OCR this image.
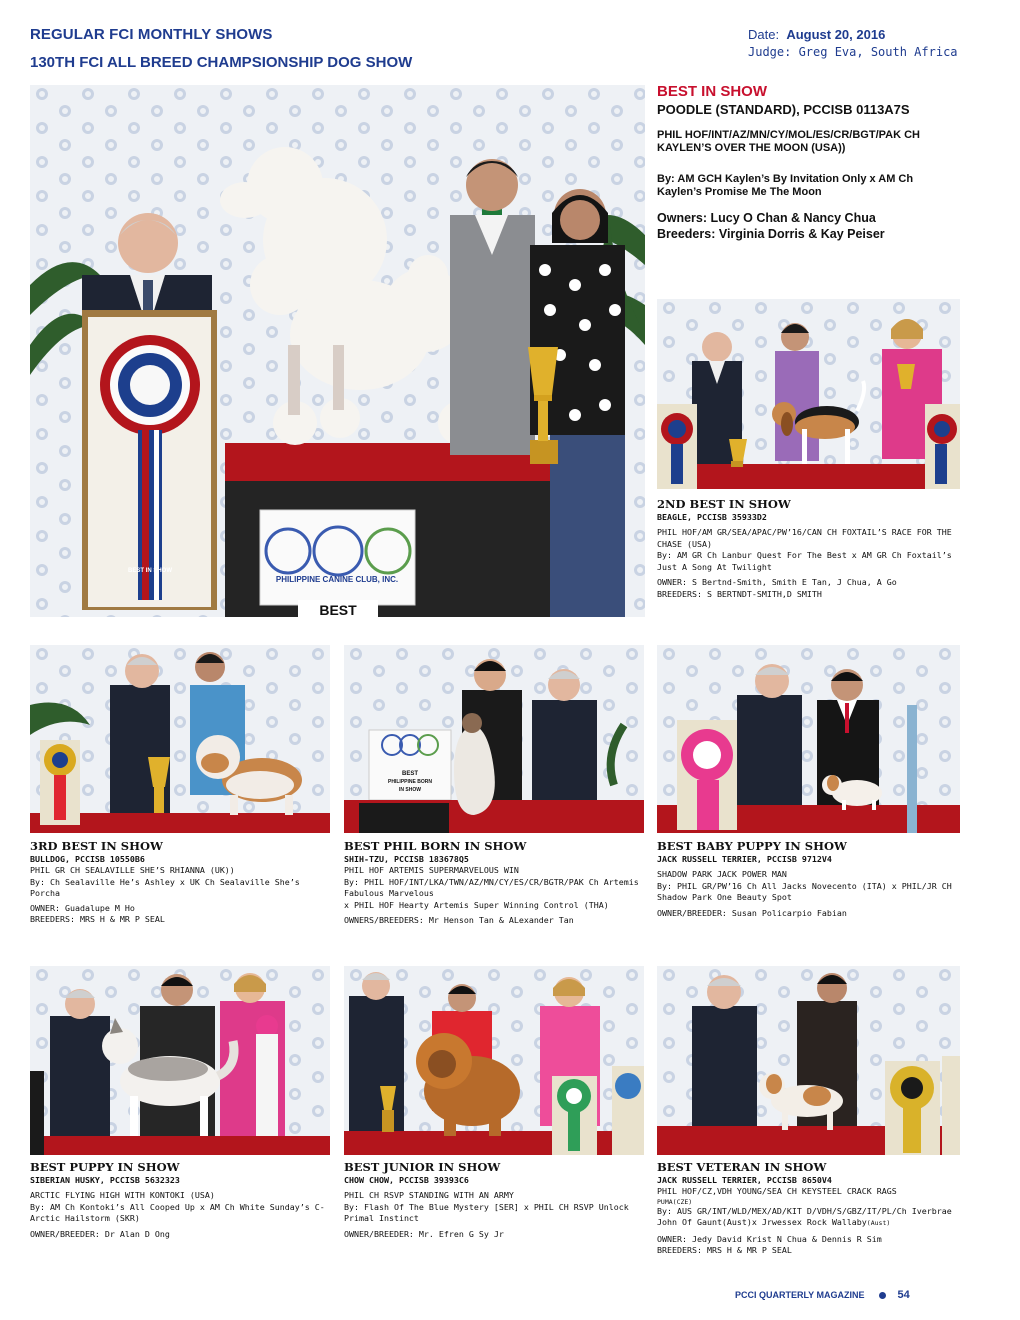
REGULAR FCI MONTHLY SHOWS
130TH FCI ALL BREED CHAMPSIONSHIP DOG SHOW
Date: August 20, 2016
Judge: Greg Eva, South Africa
BEST IN SHOW
PHILIPPINE CANINE CLUB, INC.
BEST
BEST IN SHOW
POODLE (STANDARD), PCCISB 0113A7S
PHIL HOF/INT/AZ/MN/CY/MOL/ES/CR/BGT/PAK CH KAYLEN’S OVER THE MOON (USA))
By: AM GCH Kaylen’s By Invitation Only x AM Ch Kaylen’s Promise Me The Moon
Owners: Lucy O Chan & Nancy Chua
Breeders: Virginia Dorris & Kay Peiser
2ND BEST IN SHOW
BEAGLE, PCCISB 35933D2
PHIL HOF/AM GR/SEA/APAC/PW’16/CAN CH FOXTAIL’S RACE FOR THE CHASE (USA)
By: AM GR Ch Lanbur Quest For The Best x AM GR Ch Foxtail’s Just A Song At Twilight
OWNER: S Bertnd-Smith, Smith E Tan, J Chua, A Go
BREEDERS: S BERTNDT-SMITH,D SMITH
BEST
PHILIPPINE BORN
IN SHOW
3RD BEST IN SHOW
BULLDOG, PCCISB 10550B6
PHIL GR CH SEALAVILLE SHE’S RHIANNA (UK))
By: Ch Sealaville He’s Ashley x UK Ch Sealaville She’s Porcha
OWNER: Guadalupe M Ho
BREEDERS: MRS H & MR P SEAL
BEST PHIL BORN IN SHOW
SHIH-TZU, PCCISB 183678Q5
PHIL HOF ARTEMIS SUPERMARVELOUS WIN
By: PHIL HOF/INT/LKA/TWN/AZ/MN/CY/ES/CR/BGTR/PAK Ch Artemis Fabulous Marvelous
x PHIL HOF Hearty Artemis Super Winning Control (THA)
OWNERS/BREEDERS: Mr Henson Tan & ALexander Tan
BEST BABY PUPPY IN SHOW
JACK RUSSELL TERRIER, PCCISB 9712V4
SHADOW PARK JACK POWER MAN
By: PHIL GR/PW’16 Ch All Jacks Novecento (ITA) x PHIL/JR CH Shadow Park One Beauty Spot
OWNER/BREEDER: Susan Policarpio Fabian
BEST PUPPY IN SHOW
SIBERIAN HUSKY, PCCISB 5632323
ARCTIC FLYING HIGH WITH KONTOKI (USA)
By: AM Ch Kontoki’s All Cooped Up x AM Ch White Sunday’s C-Arctic Hailstorm (SKR)
OWNER/BREEDER: Dr Alan D Ong
BEST JUNIOR IN SHOW
CHOW CHOW, PCCISB 39393C6
PHIL CH RSVP STANDING WITH AN ARMY
By: Flash Of The Blue Mystery [SER] x PHIL CH RSVP Unlock Primal Instinct
OWNER/BREEDER: Mr. Efren G Sy Jr
BEST VETERAN IN SHOW
JACK RUSSELL TERRIER, PCCISB 8650V4
PHIL HOF/CZ,VDH YOUNG/SEA CH KEYSTEEL CRACK RAGS
PUMA(CZE)
By: AUS GR/INT/WLD/MEX/AD/KIT D/VDH/S/GBZ/IT/PL/Ch Iverbrae John Of Gaunt(Aust)x Jrwessex Rock Wallaby(Aust)
OWNER: Jedy David Krist N Chua & Dennis R Sim
BREEDERS: MRS H & MR P SEAL
PCCI QUARTERLY MAGAZINE	54
